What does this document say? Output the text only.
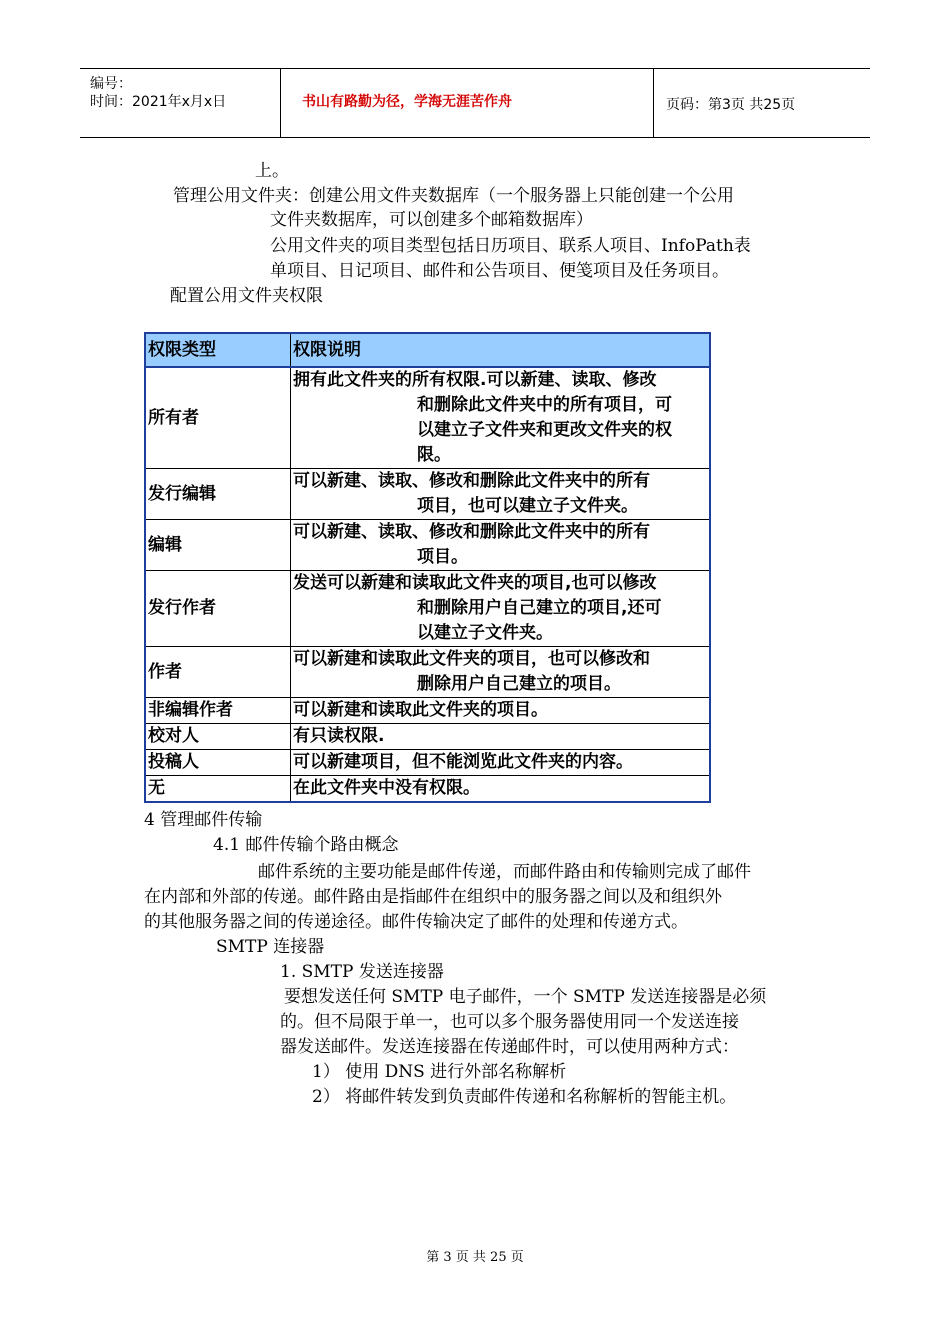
编号：
时间：2021年x月x日	书山有路勤为径，学海无涯苦作舟	页码：第3页 共25页
上。
管理公用文件夹：创建公用文件夹数据库（一个服务器上只能创建一个公用
文件夹数据库，可以创建多个邮箱数据库）
公用文件夹的项目类型包括日历项目、联系人项目、InfoPath表
单项目、日记项目、邮件和公告项目、便笺项目及任务项目。
配置公用文件夹权限
权限类型	权限说明
所有者	拥有此文件夹的所有权限.可以新建、读取、修改
和删除此文件夹中的所有项目，可
以建立子文件夹和更改文件夹的权
限。

发行编辑	可以新建、读取、修改和删除此文件夹中的所有
项目，也可以建立子文件夹。

编辑	可以新建、读取、修改和删除此文件夹中的所有
项目。

发行作者	发送可以新建和读取此文件夹的项目,也可以修改
和删除用户自己建立的项目,还可
以建立子文件夹。

作者	可以新建和读取此文件夹的项目，也可以修改和
删除用户自己建立的项目。

非编辑作者	可以新建和读取此文件夹的项目。
校对人	有只读权限.
投稿人	可以新建项目，但不能浏览此文件夹的内容。
无	在此文件夹中没有权限。
4 管理邮件传输
4.1 邮件传输个路由概念
邮件系统的主要功能是邮件传递，而邮件路由和传输则完成了邮件
在内部和外部的传递。邮件路由是指邮件在组织中的服务器之间以及和组织外
的其他服务器之间的传递途径。邮件传输决定了邮件的处理和传递方式。
SMTP 连接器
1. SMTP 发送连接器
要想发送任何 SMTP 电子邮件，一个 SMTP 发送连接器是必须
的。但不局限于单一，也可以多个服务器使用同一个发送连接
器发送邮件。发送连接器在传递邮件时，可以使用两种方式：
1） 使用 DNS 进行外部名称解析
2） 将邮件转发到负责邮件传递和名称解析的智能主机。
第 3 页 共 25 页
